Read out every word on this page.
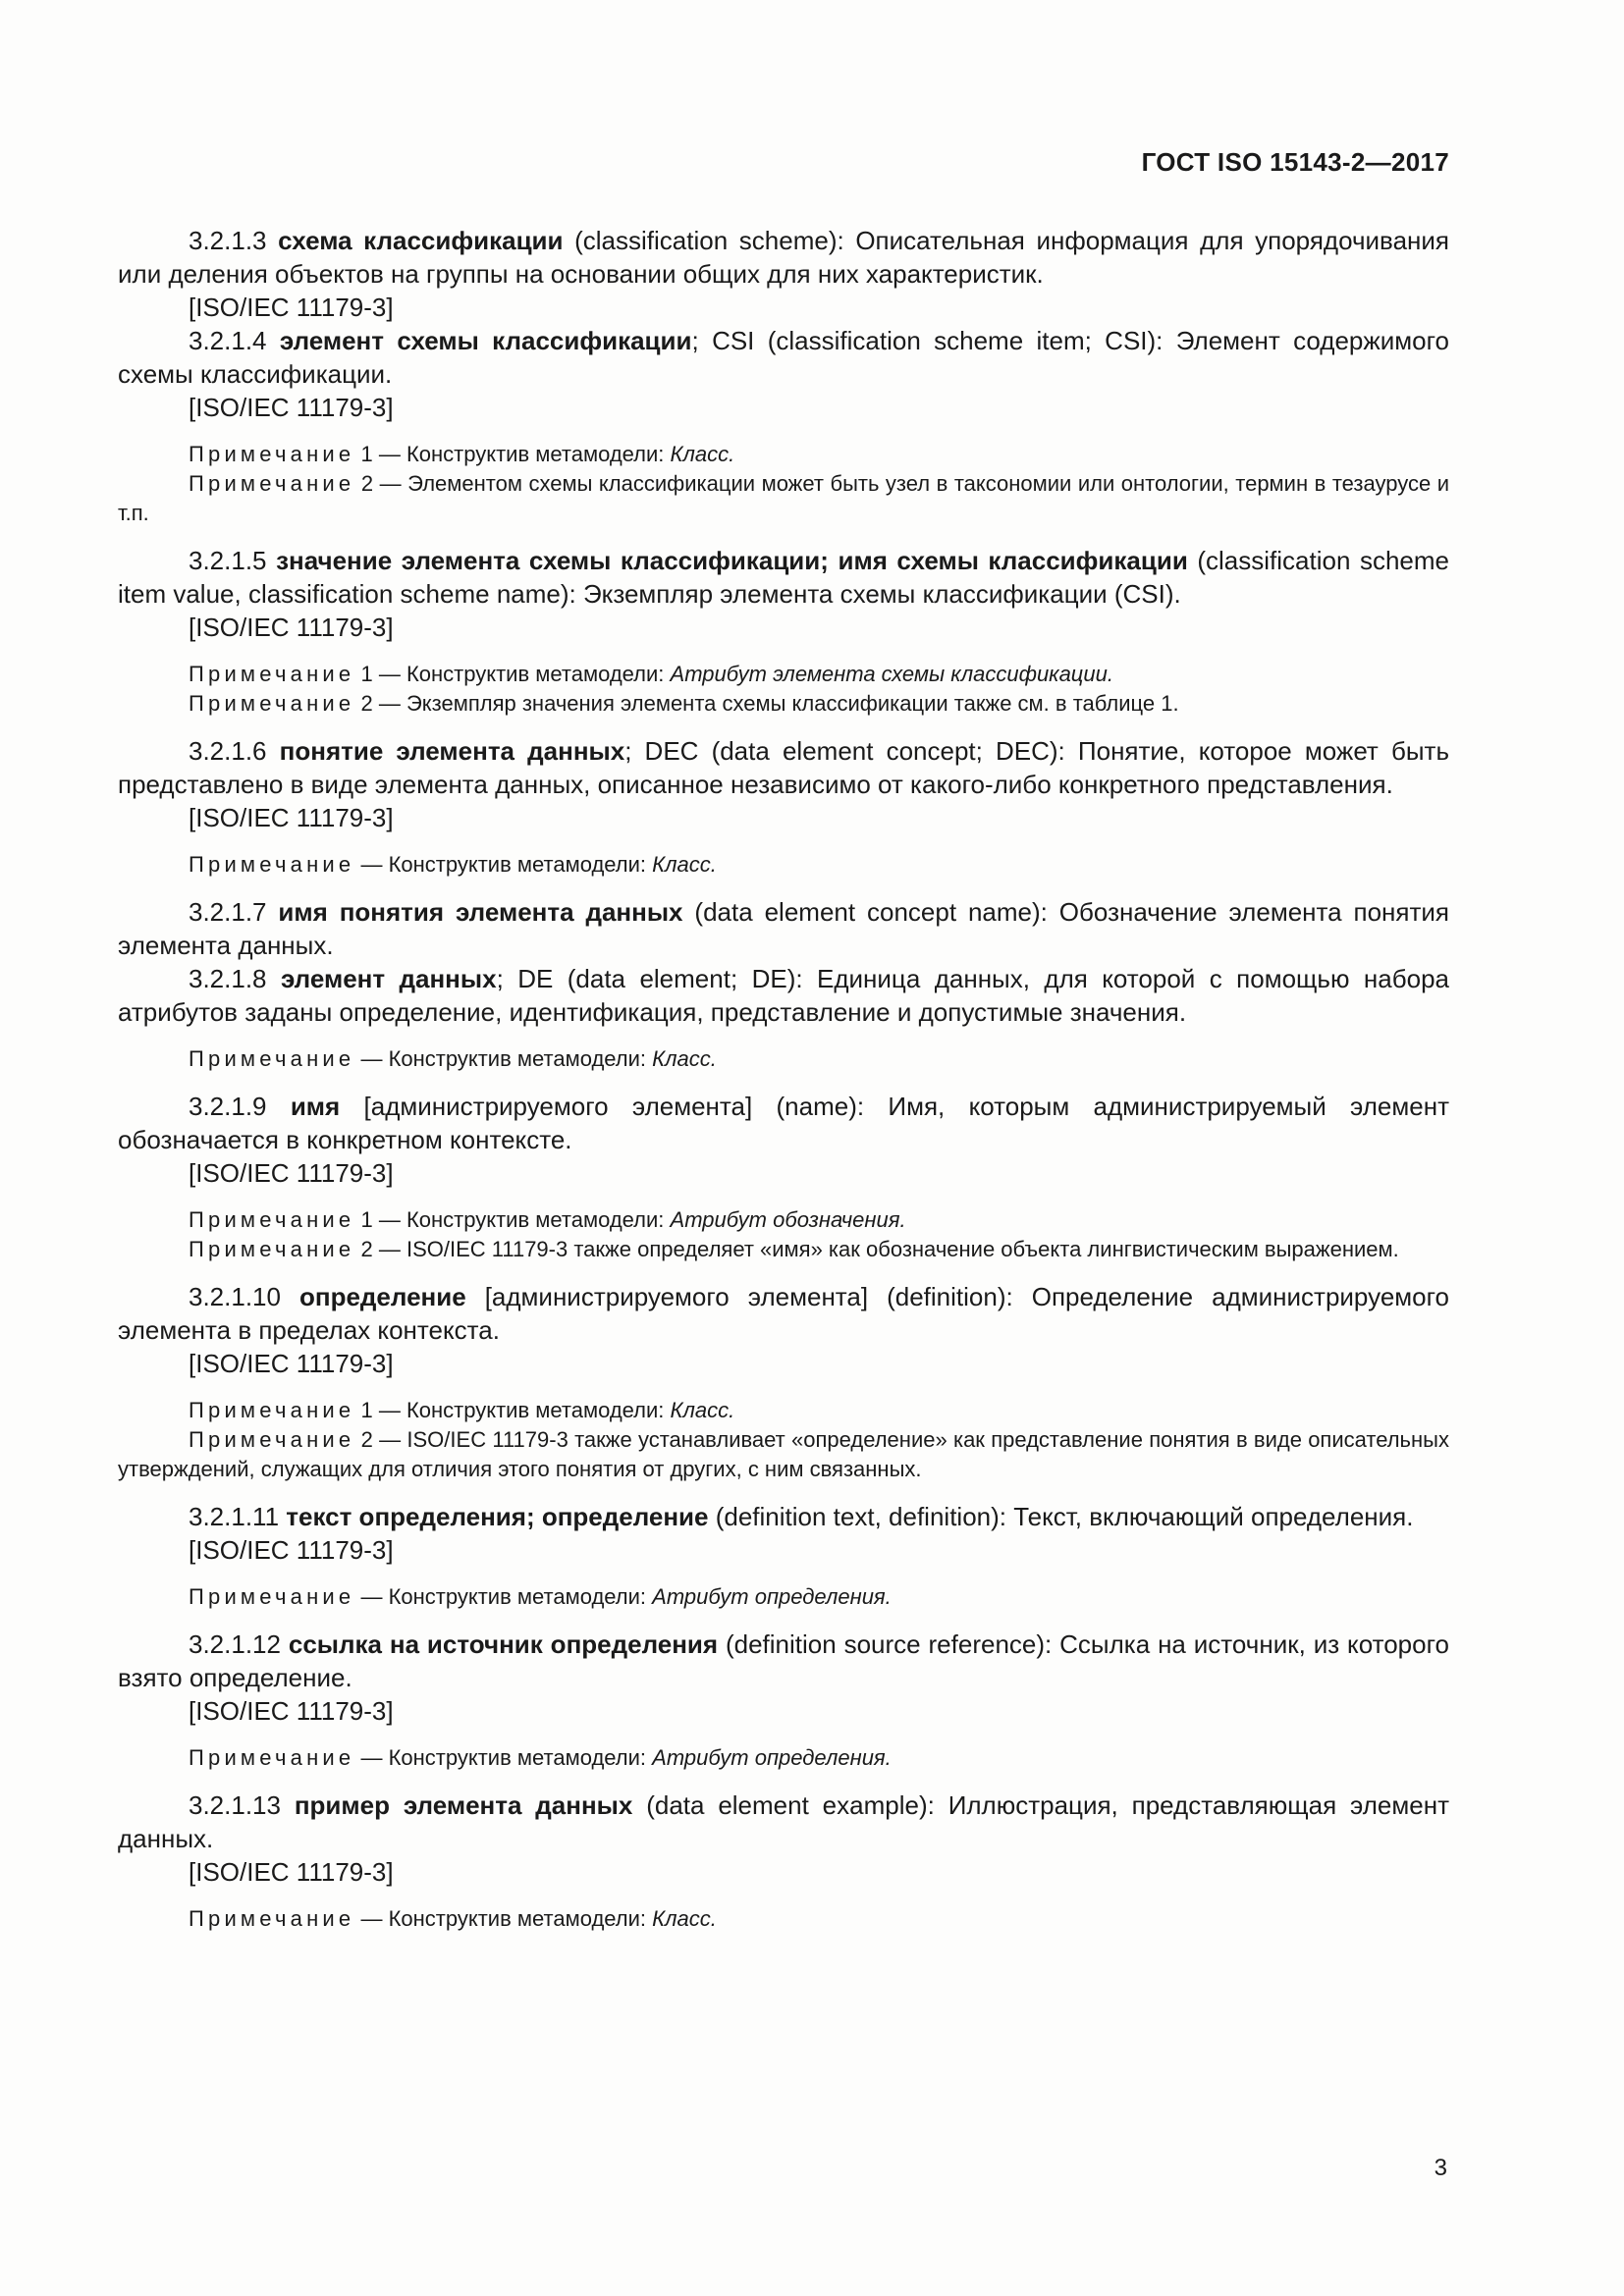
ГОСТ ISO 15143-2—2017

3.2.1.3 схема классификации (classification scheme): Описательная информация для упорядочивания или деления объектов на группы на основании общих для них характеристик.

[ISO/IEC 11179-3]

3.2.1.4 элемент схемы классификации; CSI (classification scheme item; CSI): Элемент содержимого схемы классификации.

[ISO/IEC 11179-3]

Примечание 1 — Конструктив метамодели: Класс.

Примечание 2 — Элементом схемы классификации может быть узел в таксономии или онтологии, термин в тезаурусе и т.п.

3.2.1.5 значение элемента схемы классификации; имя схемы классификации (classification scheme item value, classification scheme name): Экземпляр элемента схемы классификации (CSI).

[ISO/IEC 11179-3]

Примечание 1 — Конструктив метамодели: Атрибут элемента схемы классификации.

Примечание 2 — Экземпляр значения элемента схемы классификации также см. в таблице 1.

3.2.1.6 понятие элемента данных; DEC (data element concept; DEC): Понятие, которое может быть представлено в виде элемента данных, описанное независимо от какого-либо конкретного представления.

[ISO/IEC 11179-3]

Примечание — Конструктив метамодели: Класс.

3.2.1.7 имя понятия элемента данных (data element concept name): Обозначение элемента понятия элемента данных.

3.2.1.8 элемент данных; DE (data element; DE): Единица данных, для которой с помощью набора атрибутов заданы определение, идентификация, представление и допустимые значения.

Примечание — Конструктив метамодели: Класс.

3.2.1.9 имя [администрируемого элемента] (name): Имя, которым администрируемый элемент обозначается в конкретном контексте.

[ISO/IEC 11179-3]

Примечание 1 — Конструктив метамодели: Атрибут обозначения.

Примечание 2 — ISO/IEC 11179-3 также определяет «имя» как обозначение объекта лингвистическим выражением.

3.2.1.10 определение [администрируемого элемента] (definition): Определение администрируемого элемента в пределах контекста.

[ISO/IEC 11179-3]

Примечание 1 — Конструктив метамодели: Класс.

Примечание 2 — ISO/IEC 11179-3 также устанавливает «определение» как представление понятия в виде описательных утверждений, служащих для отличия этого понятия от других, с ним связанных.

3.2.1.11 текст определения; определение (definition text, definition): Текст, включающий определения.

[ISO/IEC 11179-3]

Примечание — Конструктив метамодели: Атрибут определения.

3.2.1.12 ссылка на источник определения (definition source reference): Ссылка на источник, из которого взято определение.

[ISO/IEC 11179-3]

Примечание — Конструктив метамодели: Атрибут определения.

3.2.1.13 пример элемента данных (data element example): Иллюстрация, представляющая элемент данных.

[ISO/IEC 11179-3]

Примечание — Конструктив метамодели: Класс.

3
